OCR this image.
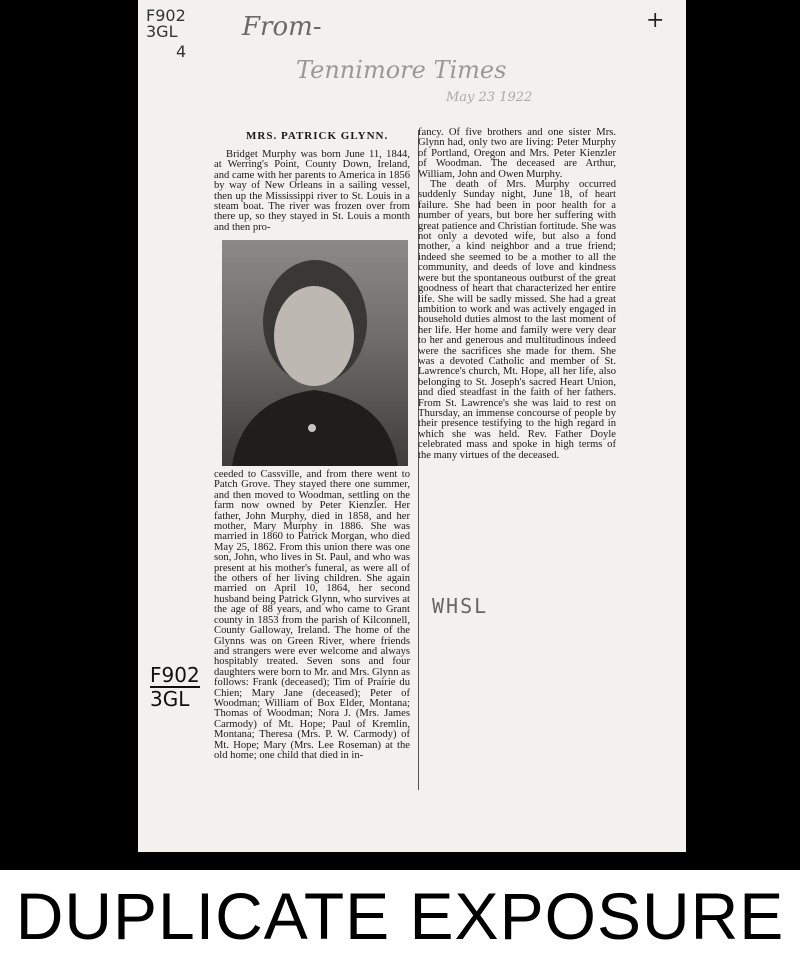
F902
3GL
4
From-
Tennimore Times
May 23 1922
+
MRS. PATRICK GLYNN.

Bridget Murphy was born June 11, 1844, at Werring's Point, County Down, Ireland, and came with her parents to America in 1856 by way of New Orleans in a sailing vessel, then up the Mississippi river to St. Louis in a steam boat. The river was frozen over from there up, so they stayed in St. Louis a month and then pro-

ceeded to Cassville, and from there went to Patch Grove. They stayed there one summer, and then moved to Woodman, settling on the farm now owned by Peter Kienzler. Her father, John Murphy, died in 1858, and her mother, Mary Murphy in 1886. She was married in 1860 to Patrick Morgan, who died May 25, 1862. From this union there was one son, John, who lives in St. Paul, and who was present at his mother's funeral, as were all of the others of her living children. She again married on April 10, 1864, her second husband being Patrick Glynn, who survives at the age of 88 years, and who came to Grant county in 1853 from the parish of Kilconnell, County Galloway, Ireland. The home of the Glynns was on Green River, where friends and strangers were ever welcome and always hospitably treated. Seven sons and four daughters were born to Mr. and Mrs. Glynn as follows: Frank (deceased); Tim of Prairie du Chien; Mary Jane (deceased); Peter of Woodman; William of Box Elder, Montana; Thomas of Woodman; Nora J. (Mrs. James Carmody) of Mt. Hope; Paul of Kremlin, Montana; Theresa (Mrs. P. W. Carmody) of Mt. Hope; Mary (Mrs. Lee Roseman) at the old home; one child that died in in-

fancy. Of five brothers and one sister Mrs. Glynn had, only two are living: Peter Murphy of Portland, Oregon and Mrs. Peter Kienzler of Woodman. The deceased are Arthur, William, John and Owen Murphy.

The death of Mrs. Murphy occurred suddenly Sunday night, June 18, of heart failure. She had been in poor health for a number of years, but bore her suffering with great patience and Christian fortitude. She was not only a devoted wife, but also a fond mother, a kind neighbor and a true friend; indeed she seemed to be a mother to all the community, and deeds of love and kindness were but the spontaneous outburst of the great goodness of heart that characterized her entire life. She will be sadly missed. She had a great ambition to work and was actively engaged in household duties almost to the last moment of her life. Her home and family were very dear to her and generous and multitudinous indeed were the sacrifices she made for them. She was a devoted Catholic and member of St. Lawrence's church, Mt. Hope, all her life, also belonging to St. Joseph's sacred Heart Union, and died steadfast in the faith of her fathers. From St. Lawrence's she was laid to rest on Thursday, an immense concourse of people by their presence testifying to the high regard in which she was held. Rev. Father Doyle celebrated mass and spoke in high terms of the many virtues of the deceased.

WHSL
F902
3GL
DUPLICATE EXPOSURE
